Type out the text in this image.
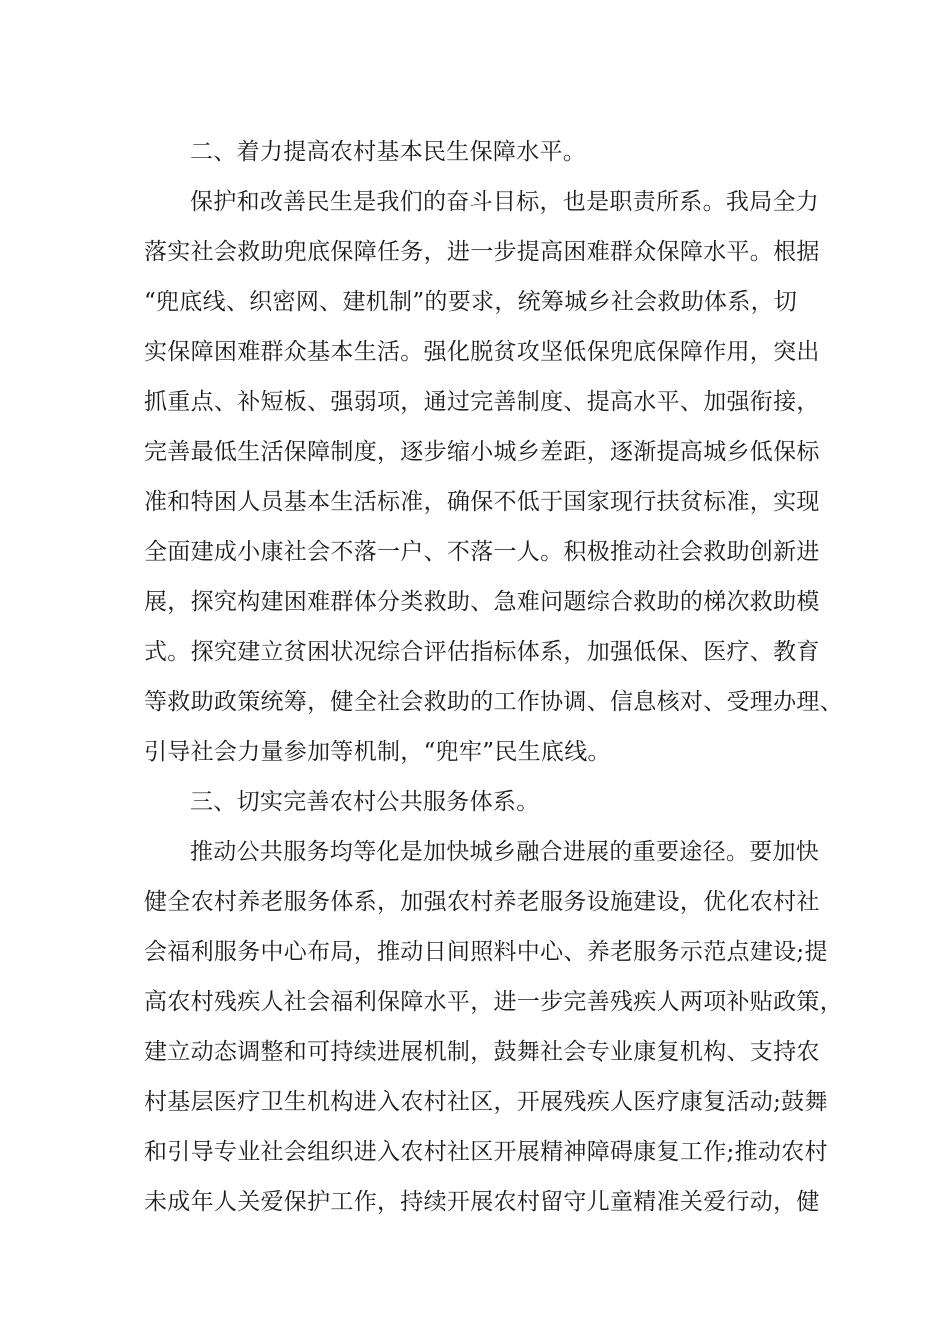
二、着力提高农村基本民生保障水平。

保护和改善民生是我们的奋斗目标，也是职责所系。我局全力

落实社会救助兜底保障任务，进一步提高困难群众保障水平。根据

“兜底线、织密网、建机制”的要求，统筹城乡社会救助体系，切

实保障困难群众基本生活。强化脱贫攻坚低保兜底保障作用，突出

抓重点、补短板、强弱项，通过完善制度、提高水平、加强衔接，

完善最低生活保障制度，逐步缩小城乡差距，逐渐提高城乡低保标

准和特困人员基本生活标准，确保不低于国家现行扶贫标准，实现

全面建成小康社会不落一户、不落一人。积极推动社会救助创新进

展，探究构建困难群体分类救助、急难问题综合救助的梯次救助模

式。探究建立贫困状况综合评估指标体系，加强低保、医疗、教育

等救助政策统筹，健全社会救助的工作协调、信息核对、受理办理、

引导社会力量参加等机制，“兜牢”民生底线。

三、切实完善农村公共服务体系。

推动公共服务均等化是加快城乡融合进展的重要途径。要加快

健全农村养老服务体系，加强农村养老服务设施建设，优化农村社

会福利服务中心布局，推动日间照料中心、养老服务示范点建设;提

高农村残疾人社会福利保障水平，进一步完善残疾人两项补贴政策，

建立动态调整和可持续进展机制，鼓舞社会专业康复机构、支持农

村基层医疗卫生机构进入农村社区，开展残疾人医疗康复活动;鼓舞

和引导专业社会组织进入农村社区开展精神障碍康复工作;推动农村

未成年人关爱保护工作，持续开展农村留守儿童精准关爱行动，健
